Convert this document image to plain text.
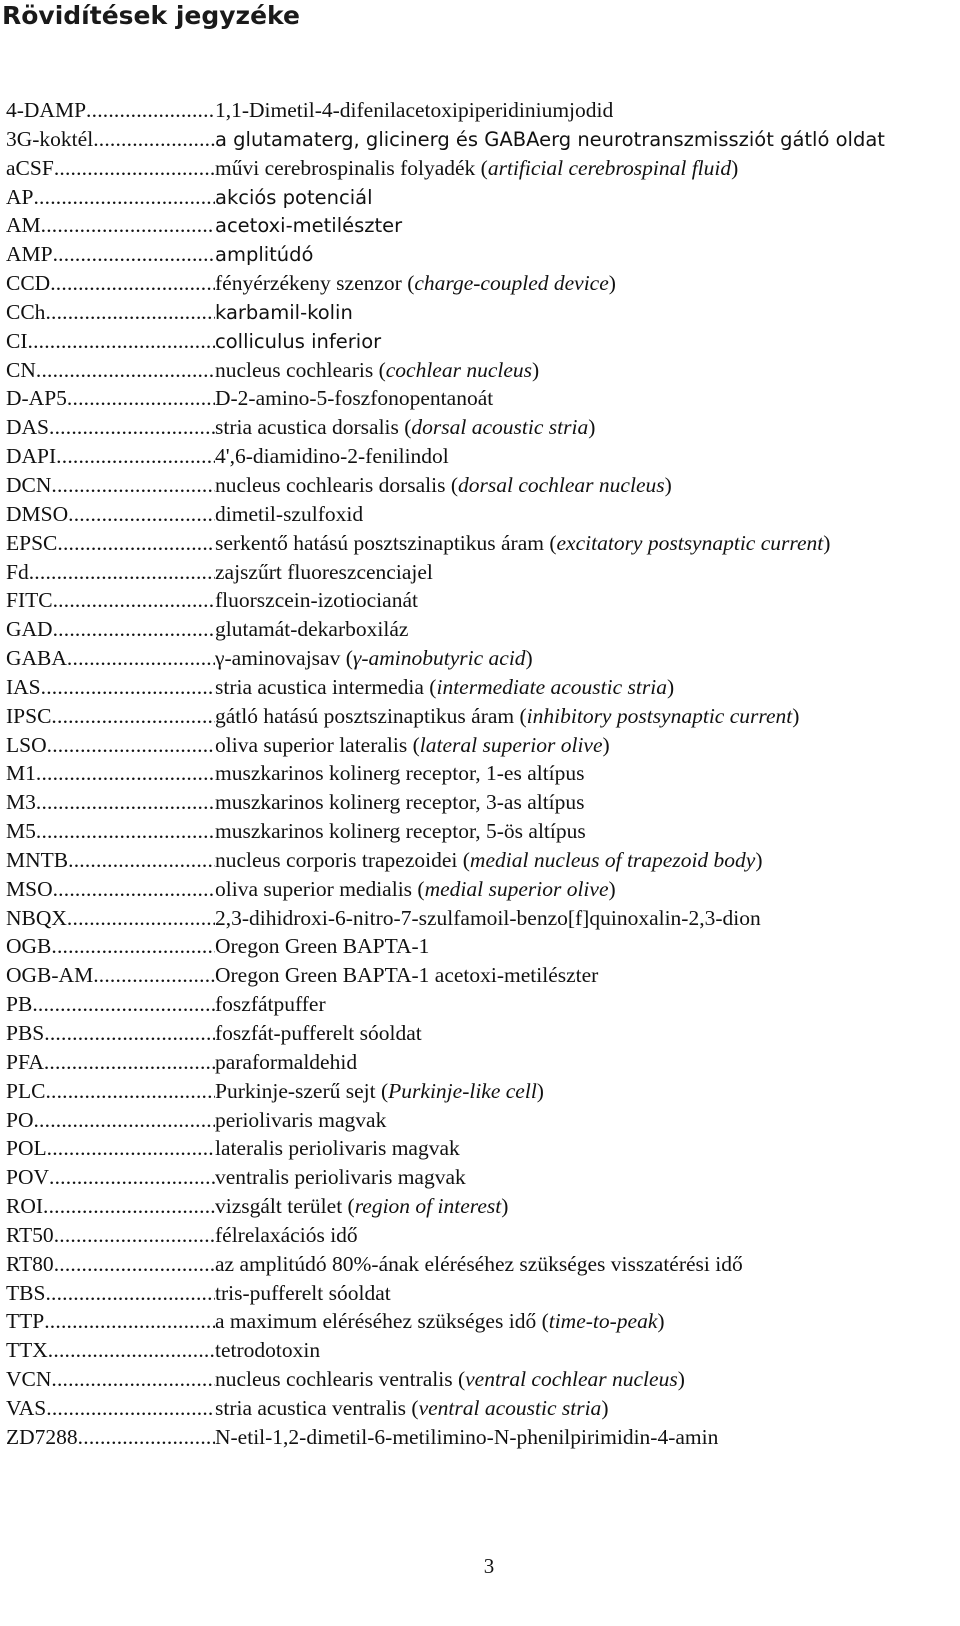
Rövidítések jegyzéke
4-DAMP .....	1,1-Dimetil-4-difenilacetoxipiperidiniumjodid
3G-koktél .....	a glutamaterg, glicinerg és GABAerg neurotranszmissziót gátló oldat
aCSF .....	művi cerebrospinalis folyadék (artificial cerebrospinal fluid)
AP .....	akciós potenciál
AM .....	acetoxi-metilészter
AMP .....	amplitúdó
CCD .....	fényérzékeny szenzor (charge-coupled device)
CCh .....	karbamil-kolin
CI .....	colliculus inferior
CN .....	nucleus cochlearis (cochlear nucleus)
D-AP5 .....	D-2-amino-5-foszfonopentanoát
DAS .....	stria acustica dorsalis (dorsal acoustic stria)
DAPI .....	4',6-diamidino-2-fenilindol
DCN .....	nucleus cochlearis dorsalis (dorsal cochlear nucleus)
DMSO .....	dimetil-szulfoxid
EPSC .....	serkentő hatású posztszinaptikus áram (excitatory postsynaptic current)
Fd .....	zajszűrt fluoreszcenciajel
FITC .....	fluorszcein-izotiocianát
GAD .....	glutamát-dekarboxiláz
GABA .....	γ-aminovajsav (γ-aminobutyric acid)
IAS .....	stria acustica intermedia (intermediate acoustic stria)
IPSC .....	gátló hatású posztszinaptikus áram (inhibitory postsynaptic current)
LSO .....	oliva superior lateralis (lateral superior olive)
M1 .....	muszkarinos kolinerg receptor, 1-es altípus
M3 .....	muszkarinos kolinerg receptor, 3-as altípus
M5 .....	muszkarinos kolinerg receptor, 5-ös altípus
MNTB .....	nucleus corporis trapezoidei (medial nucleus of trapezoid body)
MSO .....	oliva superior medialis (medial superior olive)
NBQX .....	2,3-dihidroxi-6-nitro-7-szulfamoil-benzo[f]quinoxalin-2,3-dion
OGB .....	Oregon Green BAPTA-1
OGB-AM .....	Oregon Green BAPTA-1 acetoxi-metilészter
PB .....	foszfátpuffer
PBS .....	foszfát-pufferelt sóoldat
PFA .....	paraformaldehid
PLC .....	Purkinje-szerű sejt (Purkinje-like cell)
PO .....	periolivaris magvak
POL .....	lateralis periolivaris magvak
POV .....	ventralis periolivaris magvak
ROI .....	vizsgált terület (region of interest)
RT50 .....	félrelaxációs idő
RT80 .....	az amplitúdó 80%-ának eléréséhez szükséges visszatérési idő
TBS .....	tris-pufferelt sóoldat
TTP .....	a maximum eléréséhez szükséges idő (time-to-peak)
TTX .....	tetrodotoxin
VCN .....	nucleus cochlearis ventralis (ventral cochlear nucleus)
VAS .....	stria acustica ventralis (ventral acoustic stria)
ZD7288 .....	N-etil-1,2-dimetil-6-metilimino-N-phenilpirimidin-4-amin
3
